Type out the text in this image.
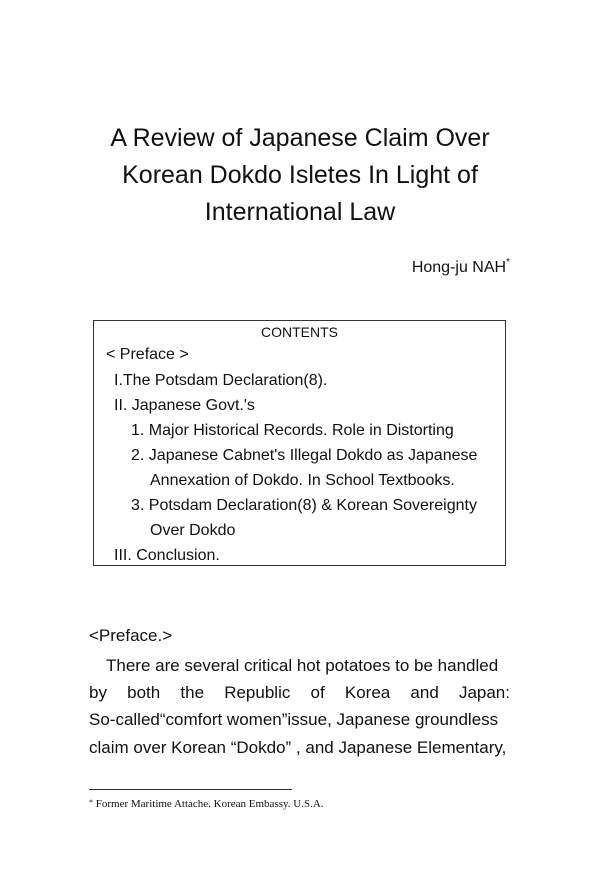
A Review of Japanese Claim Over
Korean Dokdo Isletes In Light of
International Law
Hong-ju NAH*
CONTENTS
< Preface >
I.The Potsdam Declaration(8).
II. Japanese Govt.'s
1. Major Historical Records. Role in Distorting
2. Japanese Cabnet's Illegal Dokdo as Japanese
Annexation of Dokdo. In School Textbooks.
3. Potsdam Declaration(8) & Korean Sovereignty
Over Dokdo
III. Conclusion.
<Preface.>
There are several critical hot potatoes to be handled
by both the Republic of Korea and Japan:
So-called“comfort women”issue, Japanese groundless
claim over Korean “Dokdo” , and Japanese Elementary,
* Former Maritime Attache. Korean Embassy. U.S.A.
